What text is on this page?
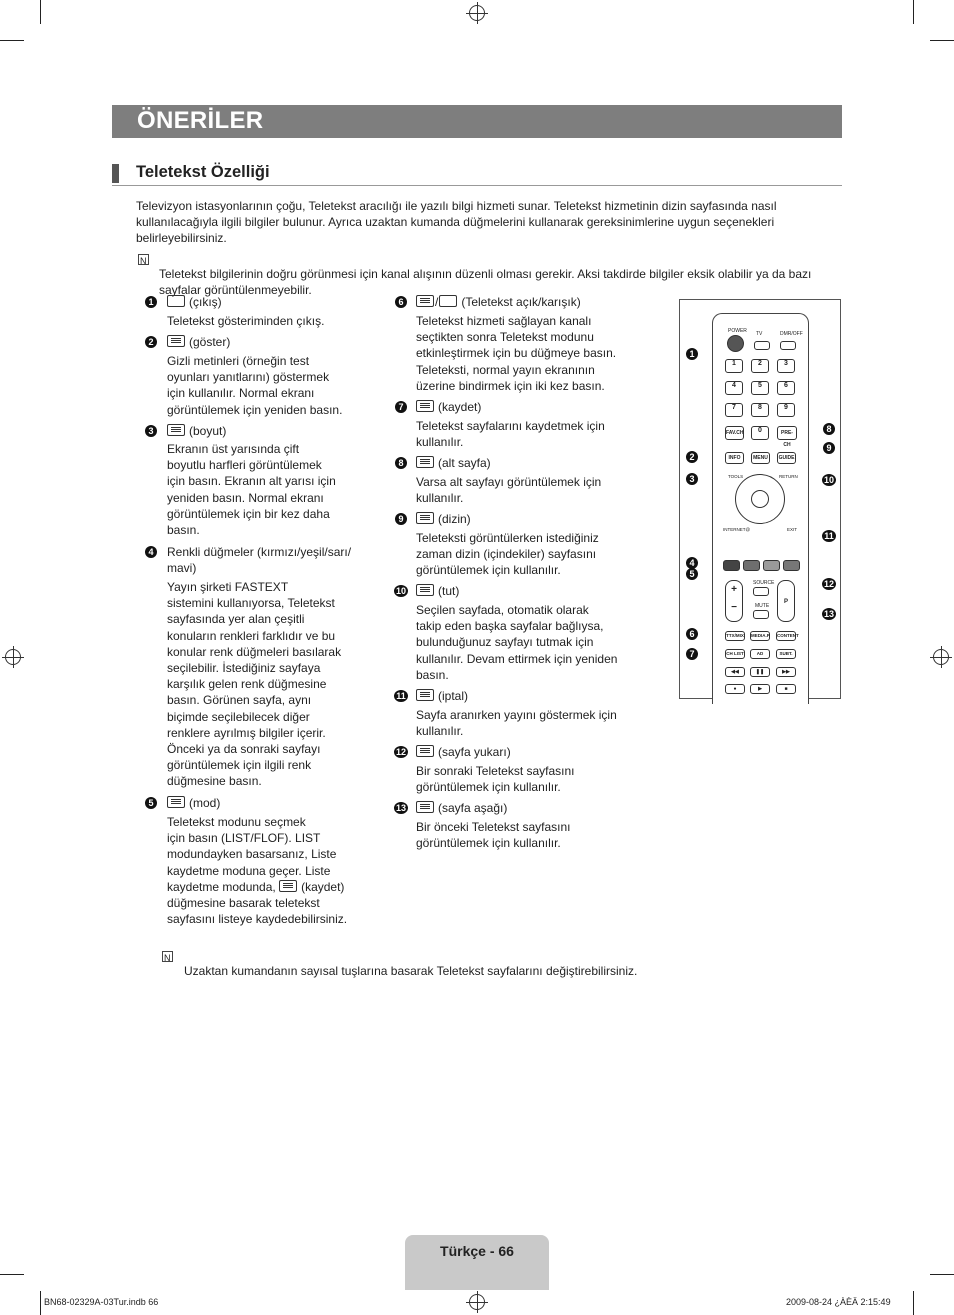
ÖNERİLER
Teletekst Özelliği
Televizyon istasyonlarının çoğu, Teletekst aracılığı ile yazılı bilgi hizmeti sunar. Teletekst hizmetinin dizin sayfasında nasıl
kullanılacağıyla ilgili bilgiler bulunur. Ayrıca uzaktan kumanda düğmelerini kullanarak gereksinimlerine uygun seçenekleri
belirleyebilirsiniz.
N
Teletekst bilgilerinin doğru görünmesi için kanal alışının düzenli olması gerekir. Aksi takdirde bilgiler eksik olabilir ya da bazı
sayfalar görüntülenmeyebilir.
1	(çıkış)
Teletekst gösteriminden çıkış.
2	(göster)
Gizli metinleri (örneğin test
oyunları yanıtlarını) göstermek
için kullanılır. Normal ekranı
görüntülemek için yeniden basın.
3	(boyut)
Ekranın üst yarısında çift
boyutlu harfleri görüntülemek
için basın. Ekranın alt yarısı için
yeniden basın. Normal ekranı
görüntülemek için bir kez daha
basın.
4 Renkli düğmeler (kırmızı/yeşil/sarı/
mavi)
Yayın şirketi FASTEXT
sistemini kullanıyorsa, Teletekst
sayfasında yer alan çeşitli
konuların renkleri farklıdır ve bu
konular renk düğmeleri basılarak
seçilebilir. İstediğiniz sayfaya
karşılık gelen renk düğmesine
basın. Görünen sayfa, aynı
biçimde seçilebilecek diğer
renklere ayrılmış bilgiler içerir.
Önceki ya da sonraki sayfayı
görüntülemek için ilgili renk
düğmesine basın.
5	(mod)
Teletekst modunu seçmek
için basın (LIST/FLOF). LIST
modundayken basarsanız, Liste
kaydetme moduna geçer. Liste
kaydetme modunda, (kaydet)
düğmesine basarak teletekst
sayfasını listeye kaydedebilirsiniz.
6	/ (Teletekst açık/karışık)
Teletekst hizmeti sağlayan kanalı
seçtikten sonra Teletekst modunu
etkinleştirmek için bu düğmeye basın.
Teleteksti, normal yayın ekranının
üzerine bindirmek için iki kez basın.
7	(kaydet)
Teletekst sayfalarını kaydetmek için
kullanılır.
8	(alt sayfa)
Varsa alt sayfayı görüntülemek için
kullanılır.
9	(dizin)
Teleteksti görüntülerken istediğiniz
zaman dizin (içindekiler) sayfasını
görüntülemek için kullanılır.
10	(tut)
Seçilen sayfada, otomatik olarak
takip eden başka sayfalar bağlıysa,
bulunduğunuz sayfayı tutmak için
kullanılır. Devam ettirmek için yeniden
basın.
11	(iptal)
Sayfa aranırken yayını göstermek için
kullanılır.
12	(sayfa yukarı)
Bir sonraki Teletekst sayfasını
görüntülemek için kullanılır.
13	(sayfa aşağı)
Bir önceki Teletekst sayfasını
görüntülemek için kullanılır.
POWER TV	DMR/OFF
1	2	3
4	5	6
7	8	9
FAV.CH	0	PRE-CH
INFO	MENU	GUIDE
TOOLS	RETURN
INTERNET@	EXIT
+
−
SOURCE
MUTE
P
TTX/MIX MEDIA.P CONTENT
CH LIST	AD	SUBT.
◀◀	❚❚	▶▶
●	▶	■
1
2
3
4
5
6
7
8
9
10
11
12
13
N
Uzaktan kumandanın sayısal tuşlarına basarak Teletekst sayfalarını değiştirebilirsiniz.
Türkçe - 66
BN68-02329A-03Tur.indb 66	2009-08-24 ¿ÀÈÄ 2:15:49
